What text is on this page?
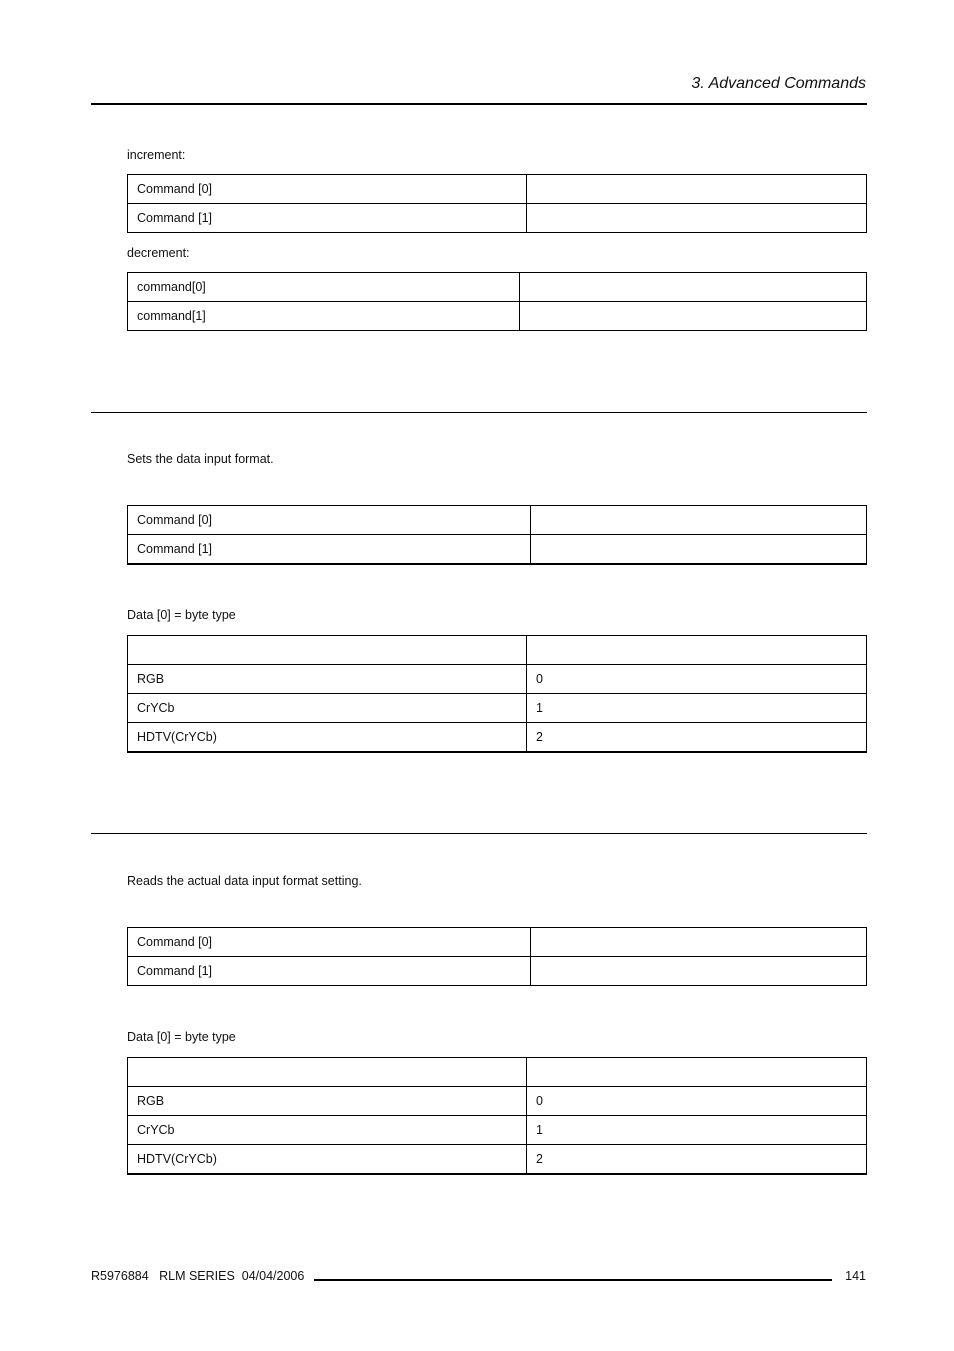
3. Advanced Commands
increment:
Command [0]	
Command [1]	
decrement:
command[0]	
command[1]	
Sets the data input format.
Command [0]	
Command [1]	
Data [0] = byte type

RGB	0
CrYCb	1
HDTV(CrYCb)	2
Reads the actual data input format setting.
Command [0]	
Command [1]	
Data [0] = byte type

RGB	0
CrYCb	1
HDTV(CrYCb)	2
R5976884   RLM SERIES  04/04/2006	141
